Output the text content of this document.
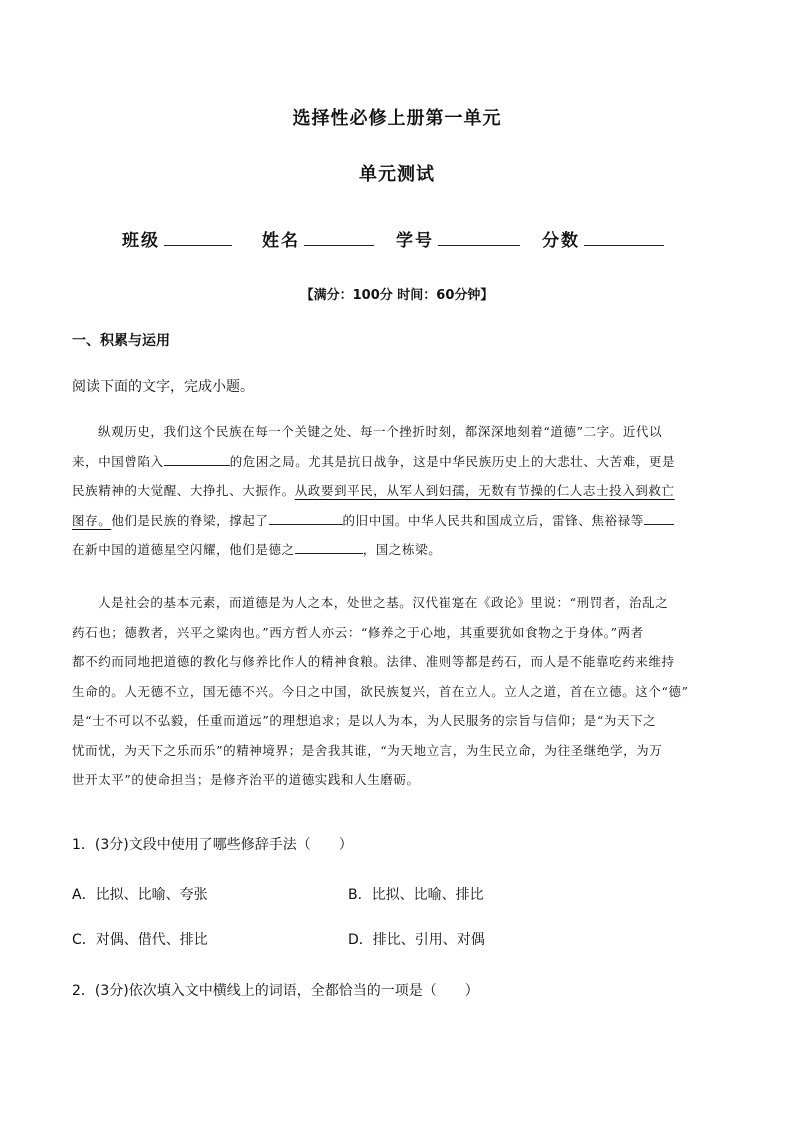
选择性必修上册第一单元
单元测试
班级	姓名	学号	分数
【满分：100分 时间：60分钟】
一、积累与运用
阅读下面的文字，完成小题。
纵观历史，我们这个民族在每一个关键之处、每一个挫折时刻，都深深地刻着“道德”二字。近代以
来，中国曾陷入	的危困之局。尤其是抗日战争，这是中华民族历史上的大悲壮、大苦难，更是
民族精神的大觉醒、大挣扎、大振作。从政要到平民，从军人到妇孺，无数有节操的仁人志士投入到救亡
图存。他们是民族的脊梁，撑起了	的旧中国。中华人民共和国成立后，雷锋、焦裕禄等
在新中国的道德星空闪耀，他们是德之	，国之栋梁。
人是社会的基本元素，而道德是为人之本，处世之基。汉代崔寔在《政论》里说：“刑罚者，治乱之
药石也；德教者，兴平之粱肉也。”西方哲人亦云：“修养之于心地，其重要犹如食物之于身体。”两者
都不约而同地把道德的教化与修养比作人的精神食粮。法律、准则等都是药石，而人是不能靠吃药来维持
生命的。人无德不立，国无德不兴。今日之中国，欲民族复兴，首在立人。立人之道，首在立德。这个“德”
是“士不可以不弘毅，任重而道远”的理想追求；是以人为本，为人民服务的宗旨与信仰；是“为天下之
忧而忧，为天下之乐而乐”的精神境界；是舍我其谁，“为天地立言，为生民立命，为往圣继绝学，为万
世开太平”的使命担当；是修齐治平的道德实践和人生磨砺。
1．(3分)文段中使用了哪些修辞手法（　　）
A．比拟、比喻、夸张	B．比拟、比喻、排比
C．对偶、借代、排比	D．排比、引用、对偶
2．(3分)依次填入文中横线上的词语，全都恰当的一项是（　　）
